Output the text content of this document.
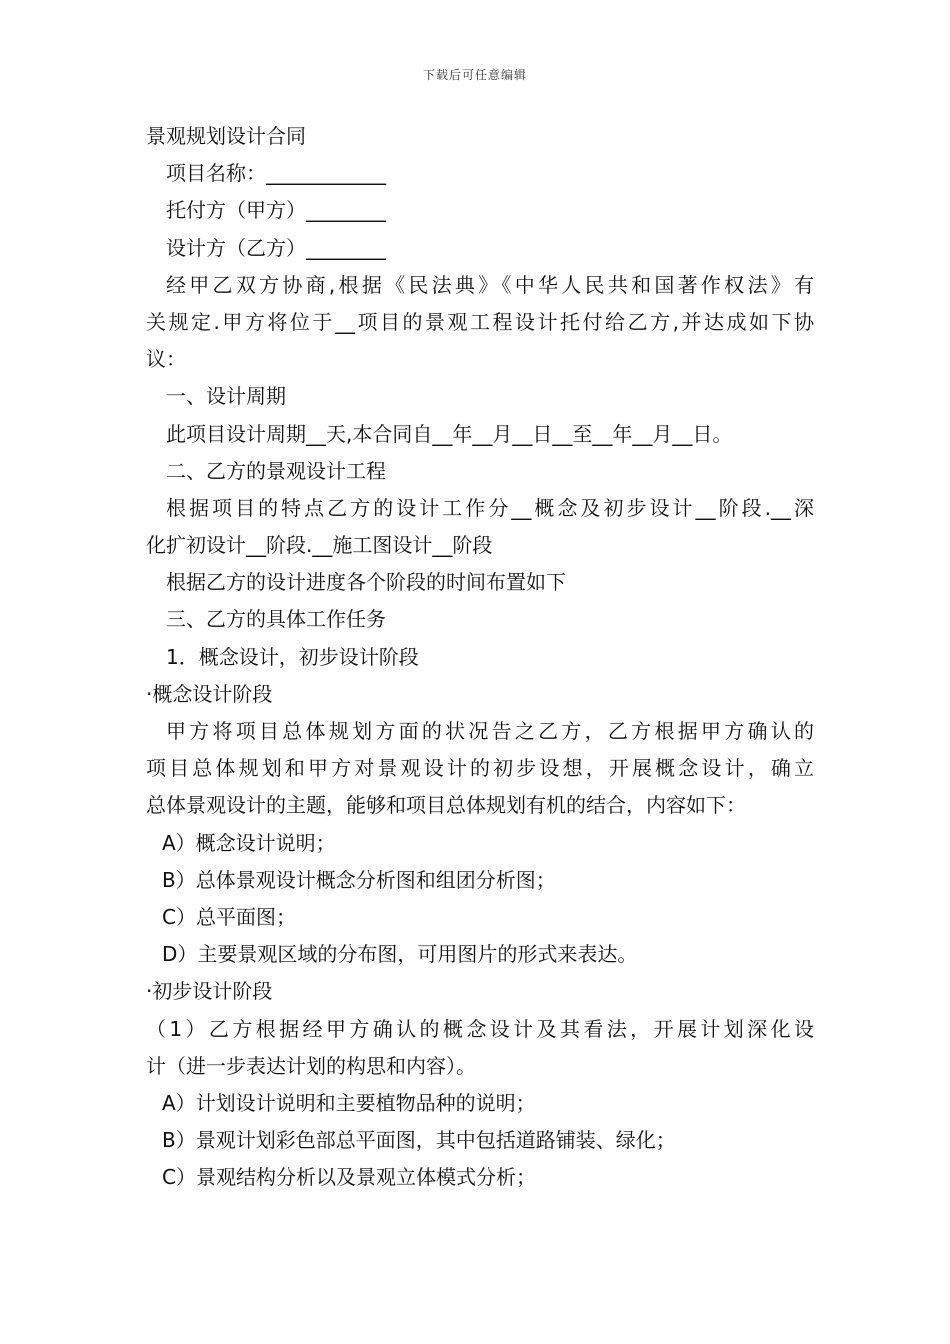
下载后可任意编辑
景观规划设计合同
项目名称：____________
托付方（甲方）________
设计方（乙方）________
经甲乙双方协商,根据《民法典》《中华人民共和国著作权法》有
关规定.甲方将位于__项目的景观工程设计托付给乙方,并达成如下协
议：
一、设计周期
此项目设计周期__天,本合同自__年__月__日__至__年__月__日。
二、乙方的景观设计工程
根据项目的特点乙方的设计工作分__概念及初步设计__阶段.__深
化扩初设计__阶段.__施工图设计__阶段
根据乙方的设计进度各个阶段的时间布置如下
三、乙方的具体工作任务
1．概念设计，初步设计阶段
·概念设计阶段
甲方将项目总体规划方面的状况告之乙方，乙方根据甲方确认的
项目总体规划和甲方对景观设计的初步设想，开展概念设计，确立
总体景观设计的主题，能够和项目总体规划有机的结合，内容如下：
A）概念设计说明；
B）总体景观设计概念分析图和组团分析图；
C）总平面图；
D）主要景观区域的分布图，可用图片的形式来表达。
·初步设计阶段
（1）乙方根据经甲方确认的概念设计及其看法，开展计划深化设
计（进一步表达计划的构思和内容）。
A）计划设计说明和主要植物品种的说明；
B）景观计划彩色部总平面图，其中包括道路铺装、绿化；
C）景观结构分析以及景观立体模式分析；
